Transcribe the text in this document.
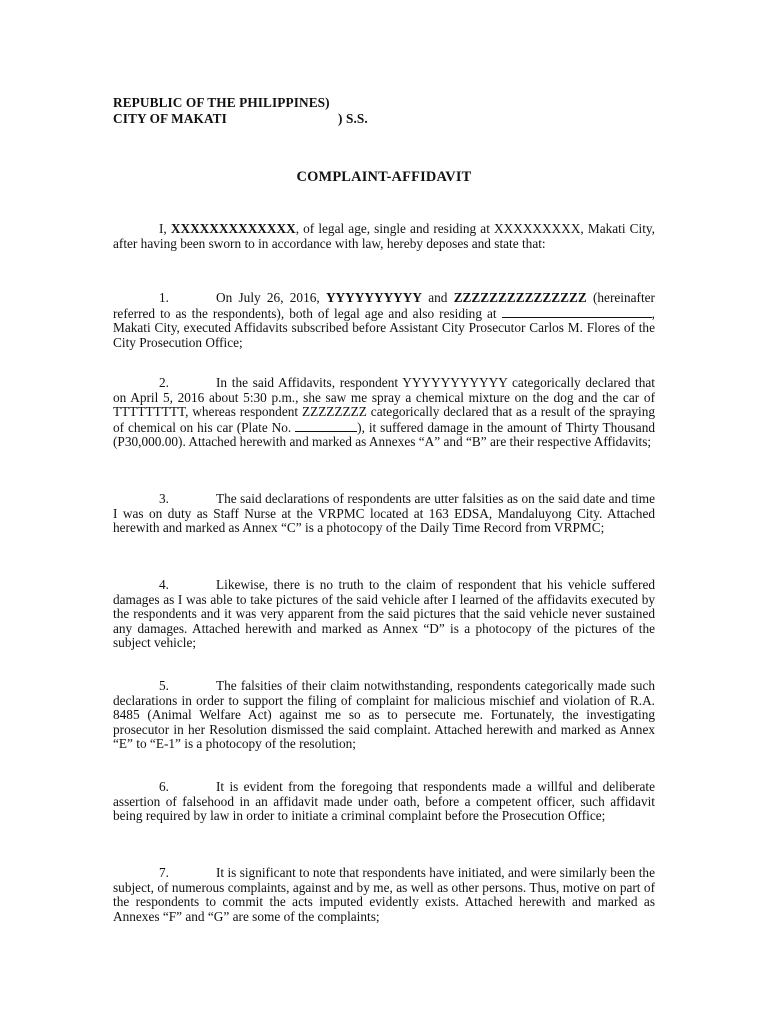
REPUBLIC OF THE PHILIPPINES)
CITY OF MAKATI	) S.S.
COMPLAINT-AFFIDAVIT
I, XXXXXXXXXXXXX, of legal age, single and residing at XXXXXXXXX, Makati City, after having been sworn to in accordance with law, hereby deposes and state that:
1.	On July 26, 2016, YYYYYYYYYY and ZZZZZZZZZZZZZZZ (hereinafter referred to as the respondents), both of legal age and also residing at	, Makati City, executed Affidavits subscribed before Assistant City Prosecutor Carlos M. Flores of the City Prosecution Office;
2.	In the said Affidavits, respondent YYYYYYYYYYY categorically declared that on April 5, 2016 about 5:30 p.m., she saw me spray a chemical mixture on the dog and the car of TTTTTTTTT, whereas respondent ZZZZZZZZ categorically declared that as a result of the spraying of chemical on his car (Plate No.	), it suffered damage in the amount of Thirty Thousand (P30,000.00). Attached herewith and marked as Annexes “A” and “B” are their respective Affidavits;
3.	The said declarations of respondents are utter falsities as on the said date and time I was on duty as Staff Nurse at the VRPMC located at 163 EDSA, Mandaluyong City. Attached herewith and marked as Annex “C” is a photocopy of the Daily Time Record from VRPMC;
4.	Likewise, there is no truth to the claim of respondent that his vehicle suffered damages as I was able to take pictures of the said vehicle after I learned of the affidavits executed by the respondents and it was very apparent from the said pictures that the said vehicle never sustained any damages. Attached herewith and marked as Annex “D” is a photocopy of the pictures of the subject vehicle;
5.	The falsities of their claim notwithstanding, respondents categorically made such declarations in order to support the filing of complaint for malicious mischief and violation of R.A. 8485 (Animal Welfare Act) against me so as to persecute me. Fortunately, the investigating prosecutor in her Resolution dismissed the said complaint. Attached herewith and marked as Annex “E” to “E-1” is a photocopy of the resolution;
6.	It is evident from the foregoing that respondents made a willful and deliberate assertion of falsehood in an affidavit made under oath, before a competent officer, such affidavit being required by law in order to initiate a criminal complaint before the Prosecution Office;
7.	It is significant to note that respondents have initiated, and were similarly been the subject, of numerous complaints, against and by me, as well as other persons. Thus, motive on part of the respondents to commit the acts imputed evidently exists. Attached herewith and marked as Annexes “F” and “G” are some of the complaints;
